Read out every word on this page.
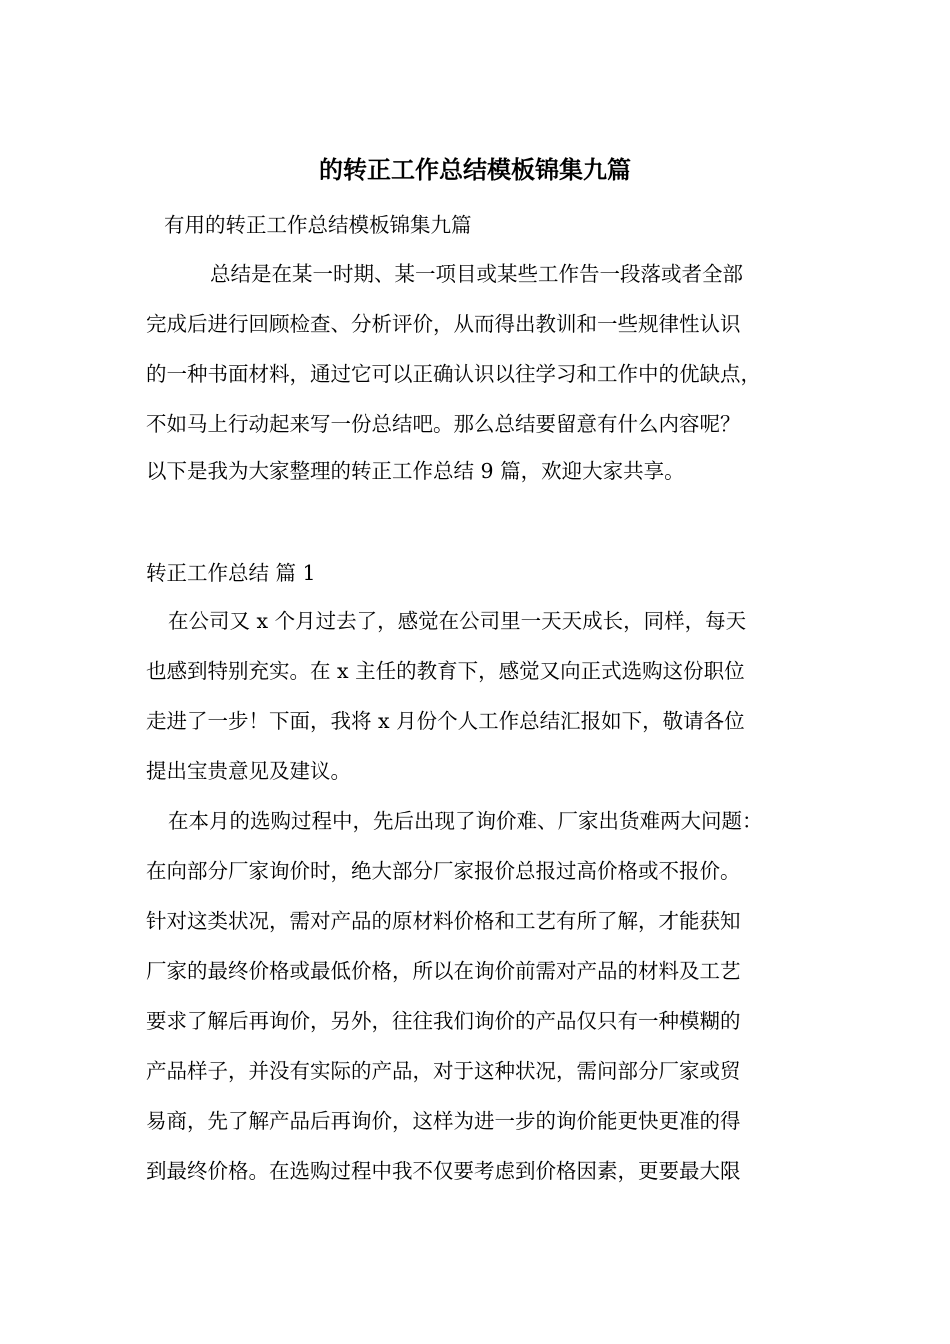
的转正工作总结模板锦集九篇

有用的转正工作总结模板锦集九篇

总结是在某一时期、某一项目或某些工作告一段落或者全部

完成后进行回顾检查、分析评价，从而得出教训和一些规律性认识

的一种书面材料，通过它可以正确认识以往学习和工作中的优缺点，

不如马上行动起来写一份总结吧。那么总结要留意有什么内容呢？

以下是我为大家整理的转正工作总结 9 篇，欢迎大家共享。

转正工作总结 篇 1

在公司又 x 个月过去了，感觉在公司里一天天成长，同样，每天

也感到特别充实。在 x 主任的教育下，感觉又向正式选购这份职位

走进了一步！下面，我将 x 月份个人工作总结汇报如下，敬请各位

提出宝贵意见及建议。

在本月的选购过程中，先后出现了询价难、厂家出货难两大问题：

在向部分厂家询价时，绝大部分厂家报价总报过高价格或不报价。

针对这类状况，需对产品的原材料价格和工艺有所了解，才能获知

厂家的最终价格或最低价格，所以在询价前需对产品的材料及工艺

要求了解后再询价，另外，往往我们询价的产品仅只有一种模糊的

产品样子，并没有实际的产品，对于这种状况，需问部分厂家或贸

易商，先了解产品后再询价，这样为进一步的询价能更快更准的得

到最终价格。在选购过程中我不仅要考虑到价格因素，更要最大限
